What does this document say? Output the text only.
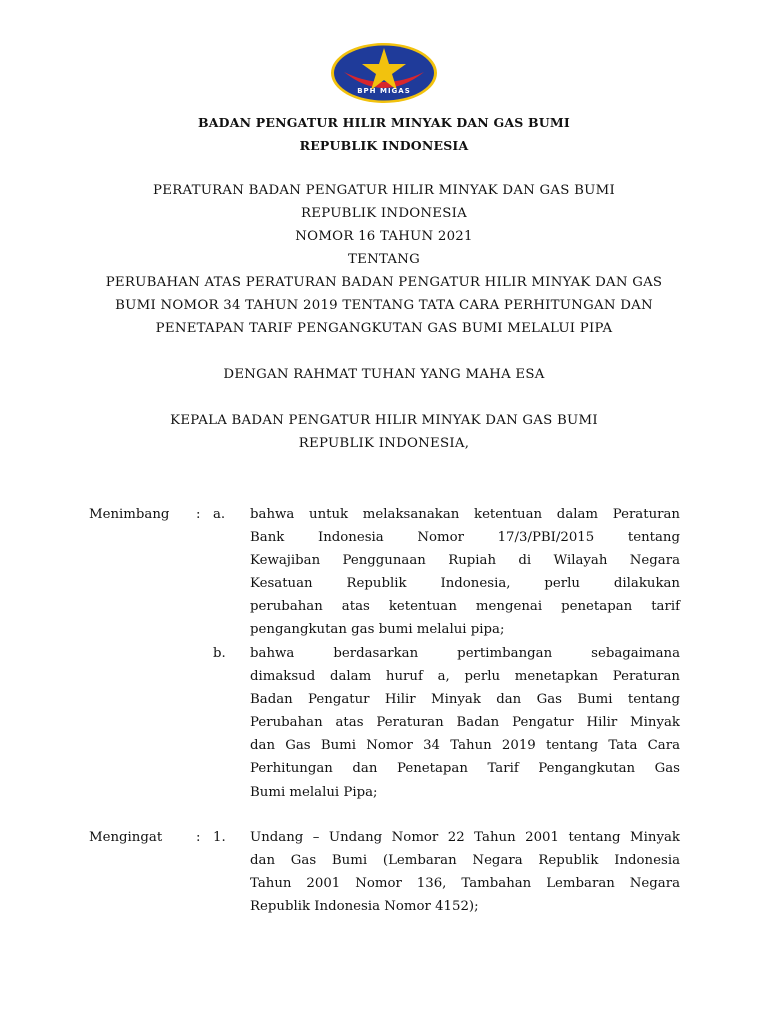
BPH MIGAS
BADAN PENGATUR HILIR MINYAK DAN GAS BUMI
REPUBLIK INDONESIA
PERATURAN BADAN PENGATUR HILIR MINYAK DAN GAS BUMI
REPUBLIK INDONESIA
NOMOR 16 TAHUN 2021
TENTANG
PERUBAHAN ATAS PERATURAN BADAN PENGATUR HILIR MINYAK DAN GAS
BUMI NOMOR 34 TAHUN 2019 TENTANG TATA CARA PERHITUNGAN DAN
PENETAPAN TARIF PENGANGKUTAN GAS BUMI MELALUI PIPA
DENGAN RAHMAT TUHAN YANG MAHA ESA
KEPALA BADAN PENGATUR HILIR MINYAK DAN GAS BUMI
REPUBLIK INDONESIA,
Menimbang : a. bahwa untuk melaksanakan ketentuan dalam Peraturan
Bank Indonesia Nomor 17/3/PBI/2015 tentang
Kewajiban Penggunaan Rupiah di Wilayah Negara
Kesatuan Republik Indonesia, perlu dilakukan
perubahan atas ketentuan mengenai penetapan tarif
pengangkutan gas bumi melalui pipa;
b. bahwa berdasarkan pertimbangan sebagaimana
dimaksud dalam huruf a, perlu menetapkan Peraturan
Badan Pengatur Hilir Minyak dan Gas Bumi tentang
Perubahan atas Peraturan Badan Pengatur Hilir Minyak
dan Gas Bumi Nomor 34 Tahun 2019 tentang Tata Cara
Perhitungan dan Penetapan Tarif Pengangkutan Gas
Bumi melalui Pipa;
Mengingat	: 1. Undang – Undang Nomor 22 Tahun 2001 tentang Minyak
dan Gas Bumi (Lembaran Negara Republik Indonesia
Tahun 2001 Nomor 136, Tambahan Lembaran Negara
Republik Indonesia Nomor 4152);
